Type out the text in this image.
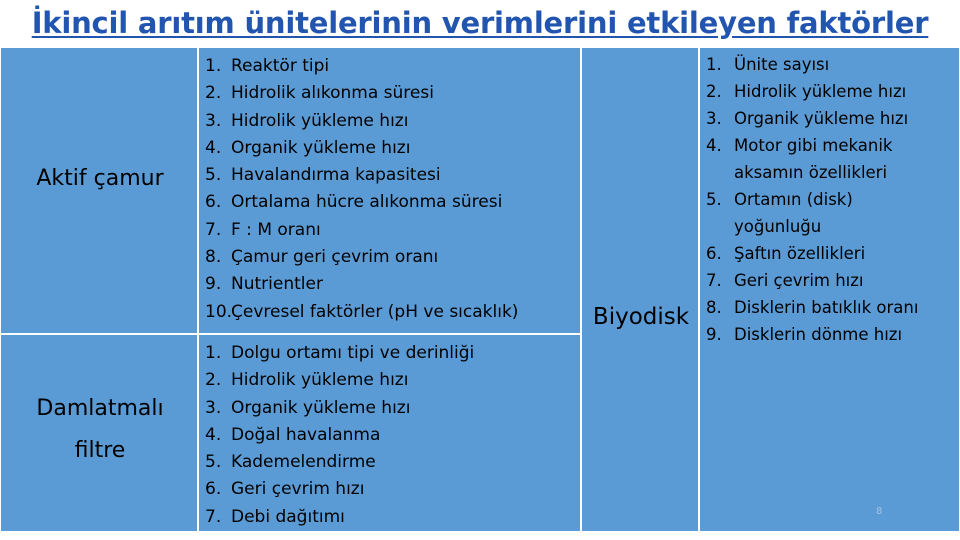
İkincil arıtım ünitelerinin verimlerini etkileyen faktörler
Aktif çamur
1. Reaktör tipi
2. Hidrolik alıkonma süresi
3. Hidrolik yükleme hızı
4. Organik yükleme hızı
5. Havalandırma kapasitesi
6. Ortalama hücre alıkonma süresi
7. F : M oranı
8. Çamur geri çevrim oranı
9. Nutrientler
10.
Çevresel faktörler (pH ve sıcaklık)
Damlatmalı
filtre
1. Dolgu ortamı tipi ve derinliği
2. Hidrolik yükleme hızı
3. Organik yükleme hızı
4. Doğal havalanma
5. Kademelendirme
6. Geri çevrim hızı
7. Debi dağıtımı
Biyodisk
1. Ünite sayısı
2. Hidrolik yükleme hızı
3. Organik yükleme hızı
4. Motor gibi mekanik aksamın özellikleri
5. Ortamın (disk) yoğunluğu
6. Şaftın özellikleri
7. Geri çevrim hızı
8. Disklerin batıklık oranı
9. Disklerin dönme hızı
8
